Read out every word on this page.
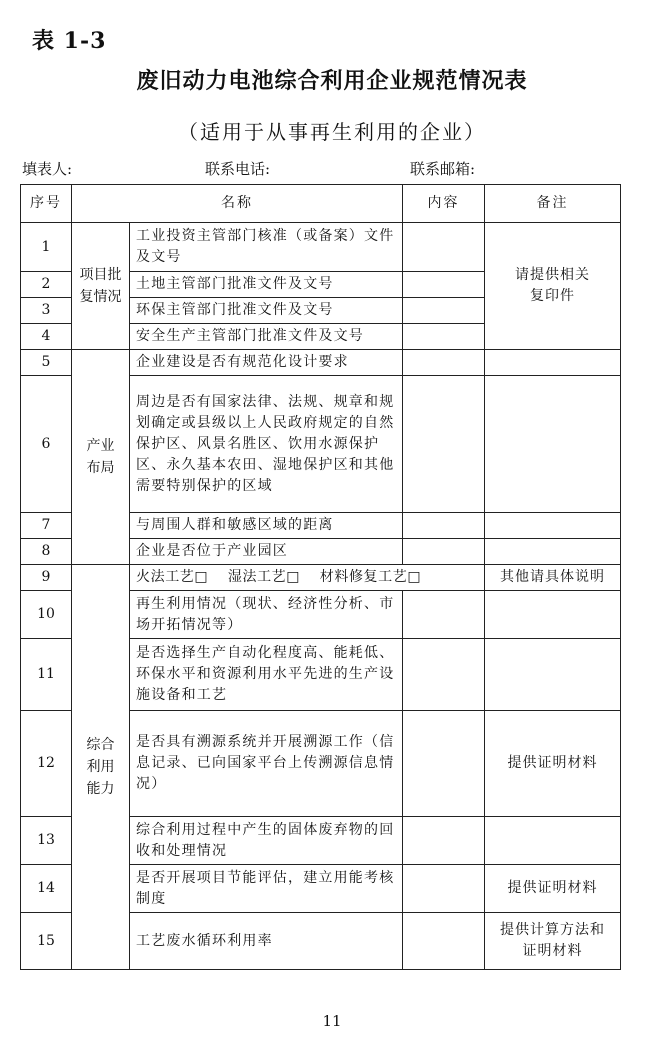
表 1-3
废旧动力电池综合利用企业规范情况表
（适用于从事再生利用的企业）
填表人:	联系电话:	联系邮箱:
序号	名称		内容	备注
1	项目批复情况	工业投资主管部门核准（或备案）文件及文号		请提供相关复印件

2		土地主管部门批准文件及文号		
3		环保主管部门批准文件及文号		
4		安全生产主管部门批准文件及文号		
5	产业布局	企业建设是否有规范化设计要求		
6		周边是否有国家法律、法规、规章和规划确定或县级以上人民政府规定的自然保护区、风景名胜区、饮用水源保护区、永久基本农田、湿地保护区和其他需要特别保护的区域		
7		与周围人群和敏感区域的距离		
8		企业是否位于产业园区		
9	综合利用能力	火法工艺□　 湿法工艺□　 材料修复工艺□		其他请具体说明
10		再生利用情况（现状、经济性分析、市场开拓情况等）		
11		是否选择生产自动化程度高、能耗低、环保水平和资源利用水平先进的生产设施设备和工艺		
12		是否具有溯源系统并开展溯源工作（信息记录、已向国家平台上传溯源信息情况）		提供证明材料
13		综合利用过程中产生的固体废弃物的回收和处理情况		
14		是否开展项目节能评估，建立用能考核制度		提供证明材料
15		工艺废水循环利用率		提供计算方法和证明材料
11
